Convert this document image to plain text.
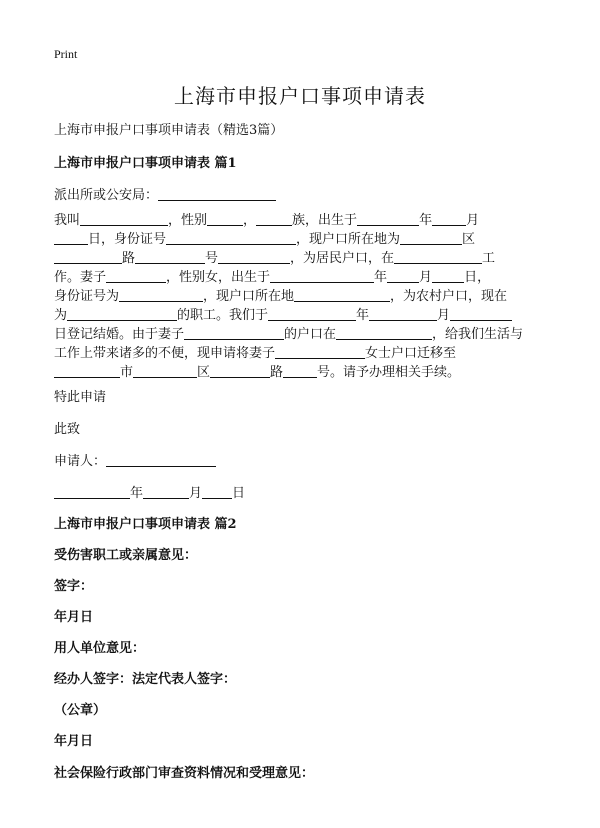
Print
上海市申报户口事项申请表
上海市申报户口事项申请表（精选3篇）
上海市申报户口事项申请表 篇1
派出所或公安局：
我叫	，性别	，	族，出生于	年	月
日，身份证号	，现户口所在地为	区
路	号	，为居民户口，在	工
作。妻子	，性别女，出生于	年 月 日，
身份证号为	，现户口所在地	，为农村户口，现在
为	的职工。我们于	年	月
日登记结婚。由于妻子	的户口在	，给我们生活与
工作上带来诸多的不便，现申请将妻子	女士户口迁移至
市	区	路	号。请予办理相关手续。
特此申请
此致
申请人：
年	月 日
上海市申报户口事项申请表 篇2
受伤害职工或亲属意见：
签字：
年月日
用人单位意见：
经办人签字：法定代表人签字：
（公章）
年月日
社会保险行政部门审查资料情况和受理意见：
